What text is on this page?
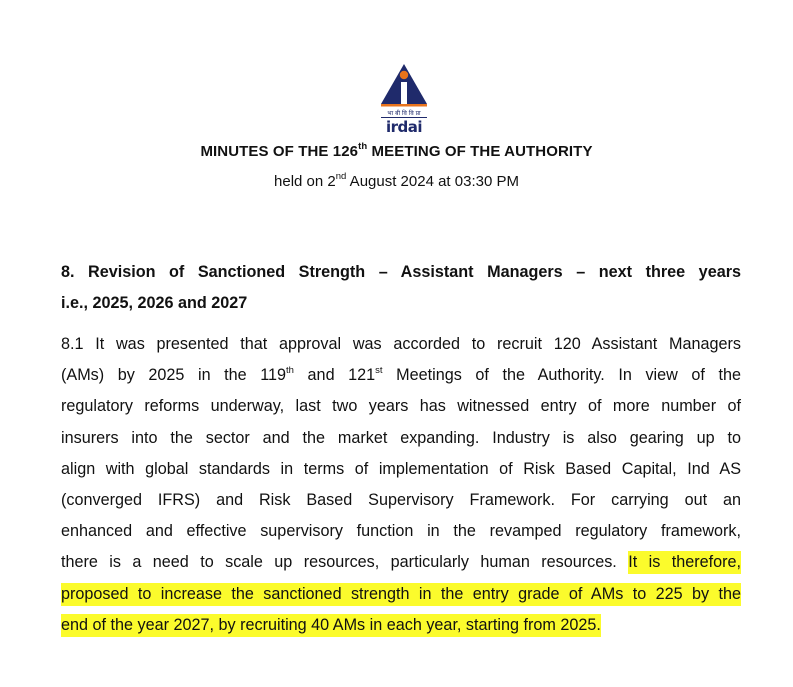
भा बी वि वि प्रा
irdai
MINUTES OF THE 126th MEETING OF THE AUTHORITY
held on 2nd August 2024 at 03:30 PM
8. Revision of Sanctioned Strength – Assistant Managers – next three years
i.e., 2025, 2026 and 2027
8.1 It was presented that approval was accorded to recruit 120 Assistant Managers
(AMs) by 2025 in the 119th and 121st Meetings of the Authority. In view of the
regulatory reforms underway, last two years has witnessed entry of more number of
insurers into the sector and the market expanding. Industry is also gearing up to
align with global standards in terms of implementation of Risk Based Capital, Ind AS
(converged IFRS) and Risk Based Supervisory Framework. For carrying out an
enhanced and effective supervisory function in the revamped regulatory framework,
there is a need to scale up resources, particularly human resources. It is therefore,
proposed to increase the sanctioned strength in the entry grade of AMs to 225 by the
end of the year 2027, by recruiting 40 AMs in each year, starting from 2025.
